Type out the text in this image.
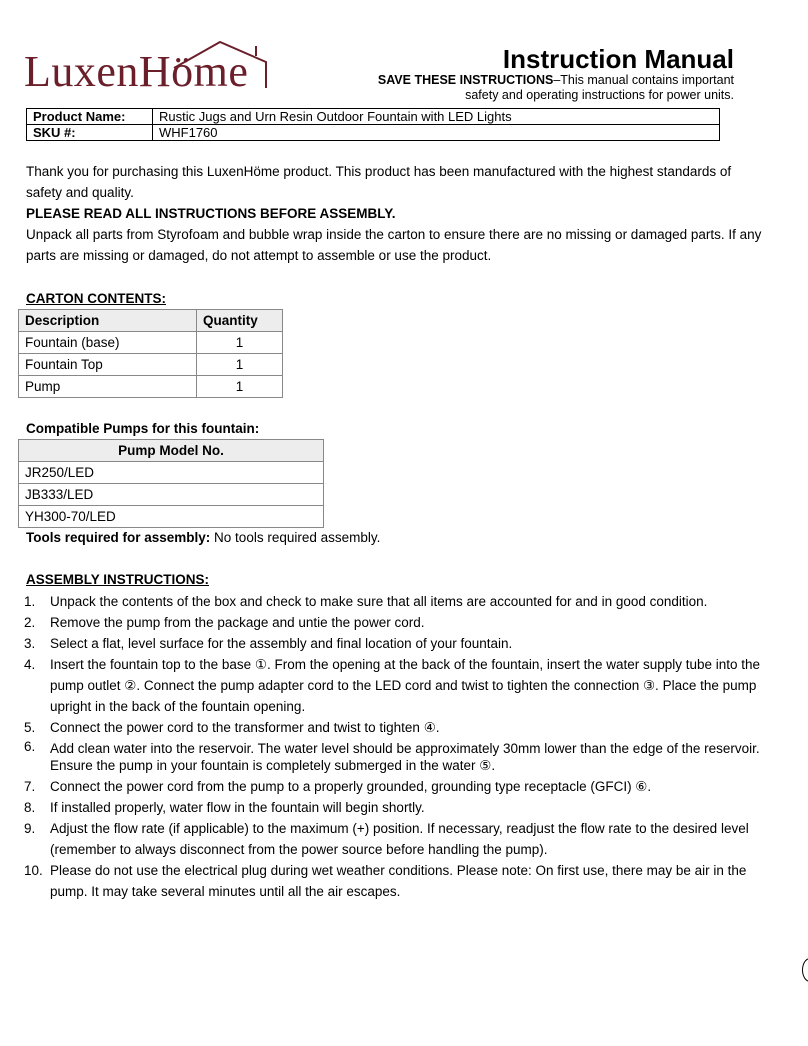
LuxenHöme	Instruction Manual
SAVE THESE INSTRUCTIONS–This manual contains important
safety and operating instructions for power units.
Product Name:	Rustic Jugs and Urn Resin Outdoor Fountain with LED Lights
SKU #:	WHF1760
Thank you for purchasing this LuxenHöme product. This product has been manufactured with the highest standards of safety and quality.
PLEASE READ ALL INSTRUCTIONS BEFORE ASSEMBLY.
Unpack all parts from Styrofoam and bubble wrap inside the carton to ensure there are no missing or damaged parts. If any parts are missing or damaged, do not attempt to assemble or use the product.
CARTON CONTENTS:
Description	Quantity
Fountain (base)	1
Fountain Top	1
Pump	1
Compatible Pumps for this fountain:
Pump Model No.
JR250/LED
JB333/LED
YH300-70/LED
Tools required for assembly: No tools required assembly.
ASSEMBLY INSTRUCTIONS:
1. Unpack the contents of the box and check to make sure that all items are accounted for and in good condition.
2. Remove the pump from the package and untie the power cord.
3. Select a flat, level surface for the assembly and final location of your fountain.
4. Insert the fountain top to the base ①. From the opening at the back of the fountain, insert the water supply tube into the pump outlet ②. Connect the pump adapter cord to the LED cord and twist to tighten the connection ③. Place the pump upright in the back of the fountain opening.
5. Connect the power cord to the transformer and twist to tighten ④.
6. Add clean water into the reservoir. The water level should be approximately 30mm lower than the edge of the reservoir. Ensure the pump in your fountain is completely submerged in the water ⑤.
7. Connect the power cord from the pump to a properly grounded, grounding type receptacle (GFCI) ⑥.
8. If installed properly, water flow in the fountain will begin shortly.
9. Adjust the flow rate (if applicable) to the maximum (+) position. If necessary, readjust the flow rate to the desired level (remember to always disconnect from the power source before handling the pump).
10. Please do not use the electrical plug during wet weather conditions. Please note: On first use, there may be air in the pump. It may take several minutes until all the air escapes.
